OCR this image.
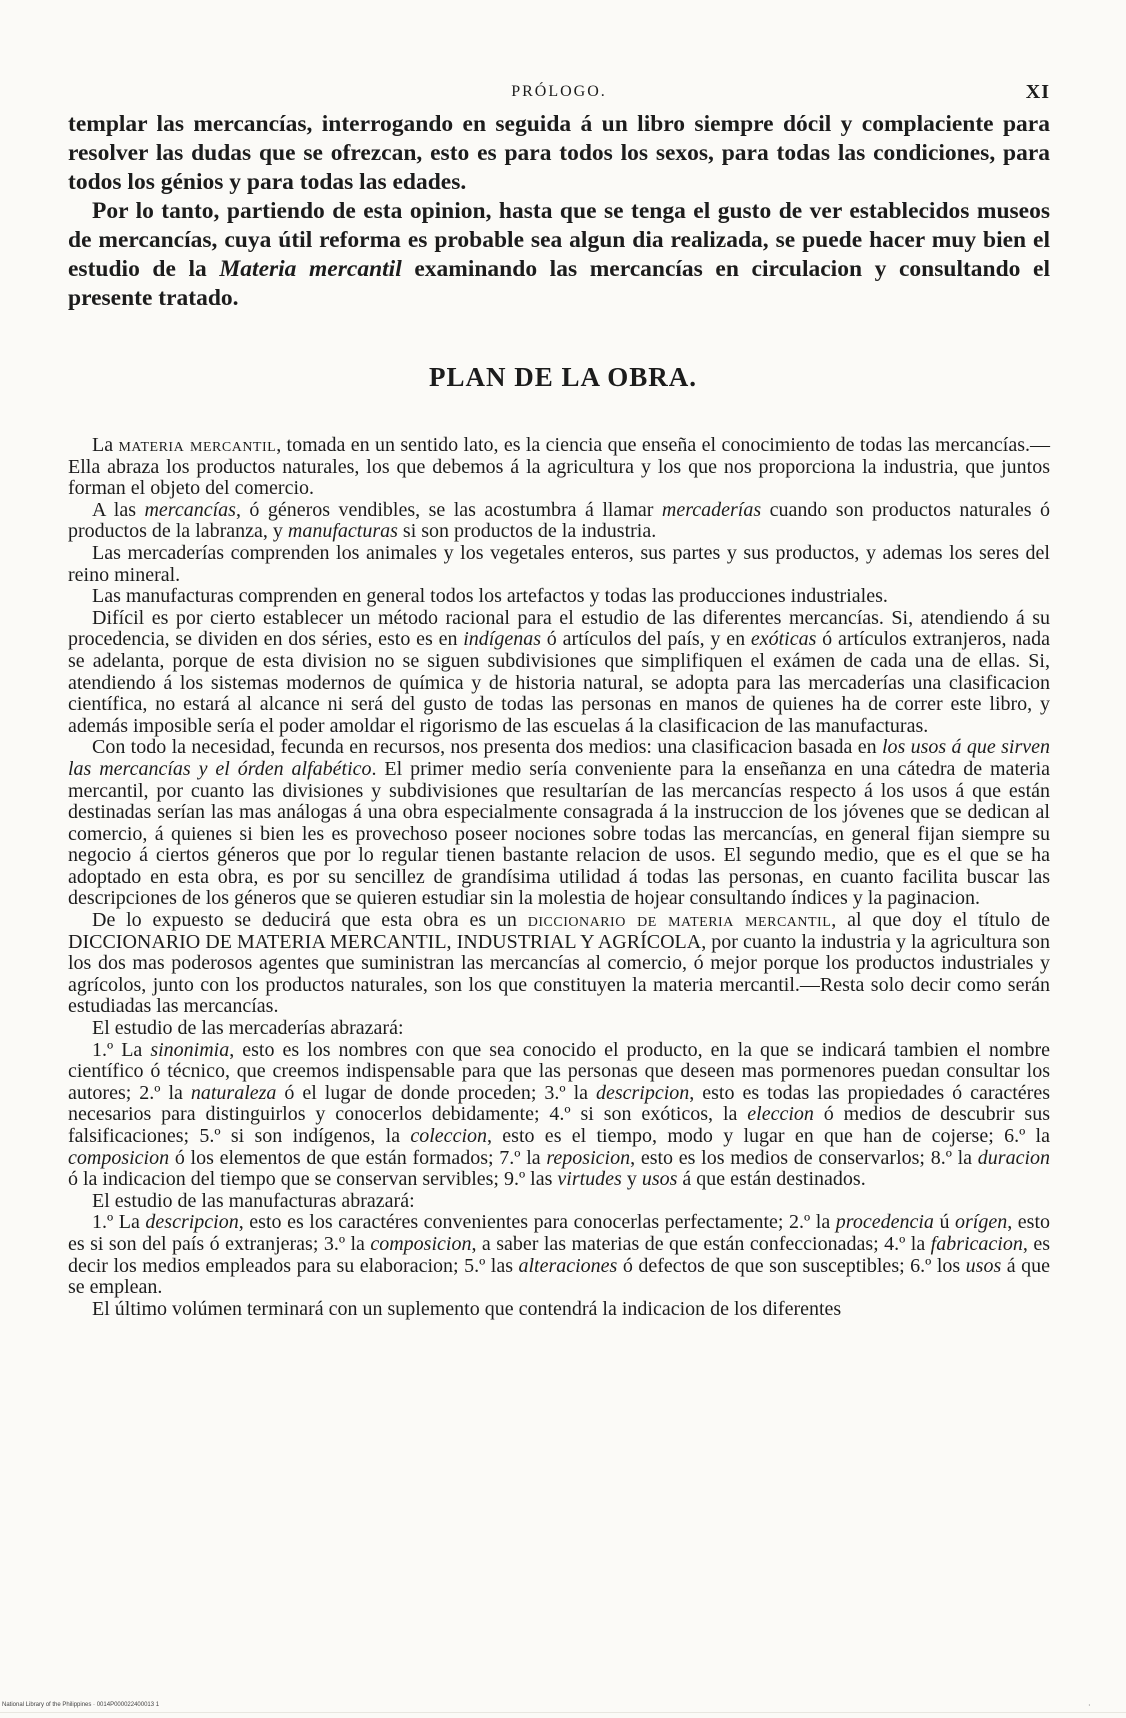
PRÓLOGO.	XI

templar las mercancías, interrogando en seguida á un libro siempre dócil y complaciente para resolver las dudas que se ofrezcan, esto es para todos los sexos, para todas las condiciones, para todos los génios y para todas las edades.

Por lo tanto, partiendo de esta opinion, hasta que se tenga el gusto de ver establecidos museos de mercancías, cuya útil reforma es probable sea algun dia realizada, se puede hacer muy bien el estudio de la Materia mercantil examinando las mercancías en circulacion y consultando el presente tratado.

PLAN DE LA OBRA.

La materia mercantil, tomada en un sentido lato, es la ciencia que enseña el conocimiento de todas las mercancías.—Ella abraza los productos naturales, los que debemos á la agricultura y los que nos proporciona la industria, que juntos forman el objeto del comercio.

A las mercancías, ó géneros vendibles, se las acostumbra á llamar mercaderías cuando son productos naturales ó productos de la labranza, y manufacturas si son productos de la industria.

Las mercaderías comprenden los animales y los vegetales enteros, sus partes y sus productos, y ademas los seres del reino mineral.

Las manufacturas comprenden en general todos los artefactos y todas las producciones industriales.

Difícil es por cierto establecer un método racional para el estudio de las diferentes mercancías. Si, atendiendo á su procedencia, se dividen en dos séries, esto es en indígenas ó artículos del país, y en exóticas ó artículos extranjeros, nada se adelanta, porque de esta division no se siguen subdivisiones que simplifiquen el exámen de cada una de ellas. Si, atendiendo á los sistemas modernos de química y de historia natural, se adopta para las mercaderías una clasificacion científica, no estará al alcance ni será del gusto de todas las personas en manos de quienes ha de correr este libro, y además imposible sería el poder amoldar el rigorismo de las escuelas á la clasificacion de las manufacturas.

Con todo la necesidad, fecunda en recursos, nos presenta dos medios: una clasificacion basada en los usos á que sirven las mercancías y el órden alfabético. El primer medio sería conveniente para la enseñanza en una cátedra de materia mercantil, por cuanto las divisiones y subdivisiones que resultarían de las mercancías respecto á los usos á que están destinadas serían las mas análogas á una obra especialmente consagrada á la instruccion de los jóvenes que se dedican al comercio, á quienes si bien les es provechoso poseer nociones sobre todas las mercancías, en general fijan siempre su negocio á ciertos géneros que por lo regular tienen bastante relacion de usos. El segundo medio, que es el que se ha adoptado en esta obra, es por su sencillez de grandísima utilidad á todas las personas, en cuanto facilita buscar las descripciones de los géneros que se quieren estudiar sin la molestia de hojear consultando índices y la paginacion.

De lo expuesto se deducirá que esta obra es un diccionario de materia mercantil, al que doy el título de DICCIONARIO DE MATERIA MERCANTIL, INDUSTRIAL Y AGRÍCOLA, por cuanto la industria y la agricultura son los dos mas poderosos agentes que suministran las mercancías al comercio, ó mejor porque los productos industriales y agrícolos, junto con los productos naturales, son los que constituyen la materia mercantil.—Resta solo decir como serán estudiadas las mercancías.

El estudio de las mercaderías abrazará:

1.º La sinonimia, esto es los nombres con que sea conocido el producto, en la que se indicará tambien el nombre científico ó técnico, que creemos indispensable para que las personas que deseen mas pormenores puedan consultar los autores; 2.º la naturaleza ó el lugar de donde proceden; 3.º la descripcion, esto es todas las propiedades ó caractéres necesarios para distinguirlos y conocerlos debidamente; 4.º si son exóticos, la eleccion ó medios de descubrir sus falsificaciones; 5.º si son indígenos, la coleccion, esto es el tiempo, modo y lugar en que han de cojerse; 6.º la composicion ó los elementos de que están formados; 7.º la reposicion, esto es los medios de conservarlos; 8.º la duracion ó la indicacion del tiempo que se conservan servibles; 9.º las virtudes y usos á que están destinados.

El estudio de las manufacturas abrazará:

1.º La descripcion, esto es los caractéres convenientes para conocerlas perfectamente; 2.º la procedencia ú orígen, esto es si son del país ó extranjeras; 3.º la composicion, a saber las materias de que están confeccionadas; 4.º la fabricacion, es decir los medios empleados para su elaboracion; 5.º las alteraciones ó defectos de que son susceptibles; 6.º los usos á que se emplean.

El último volúmen terminará con un suplemento que contendrá la indicacion de los diferentes

National Library of the Philippines · 0014P000022400013 1	·
